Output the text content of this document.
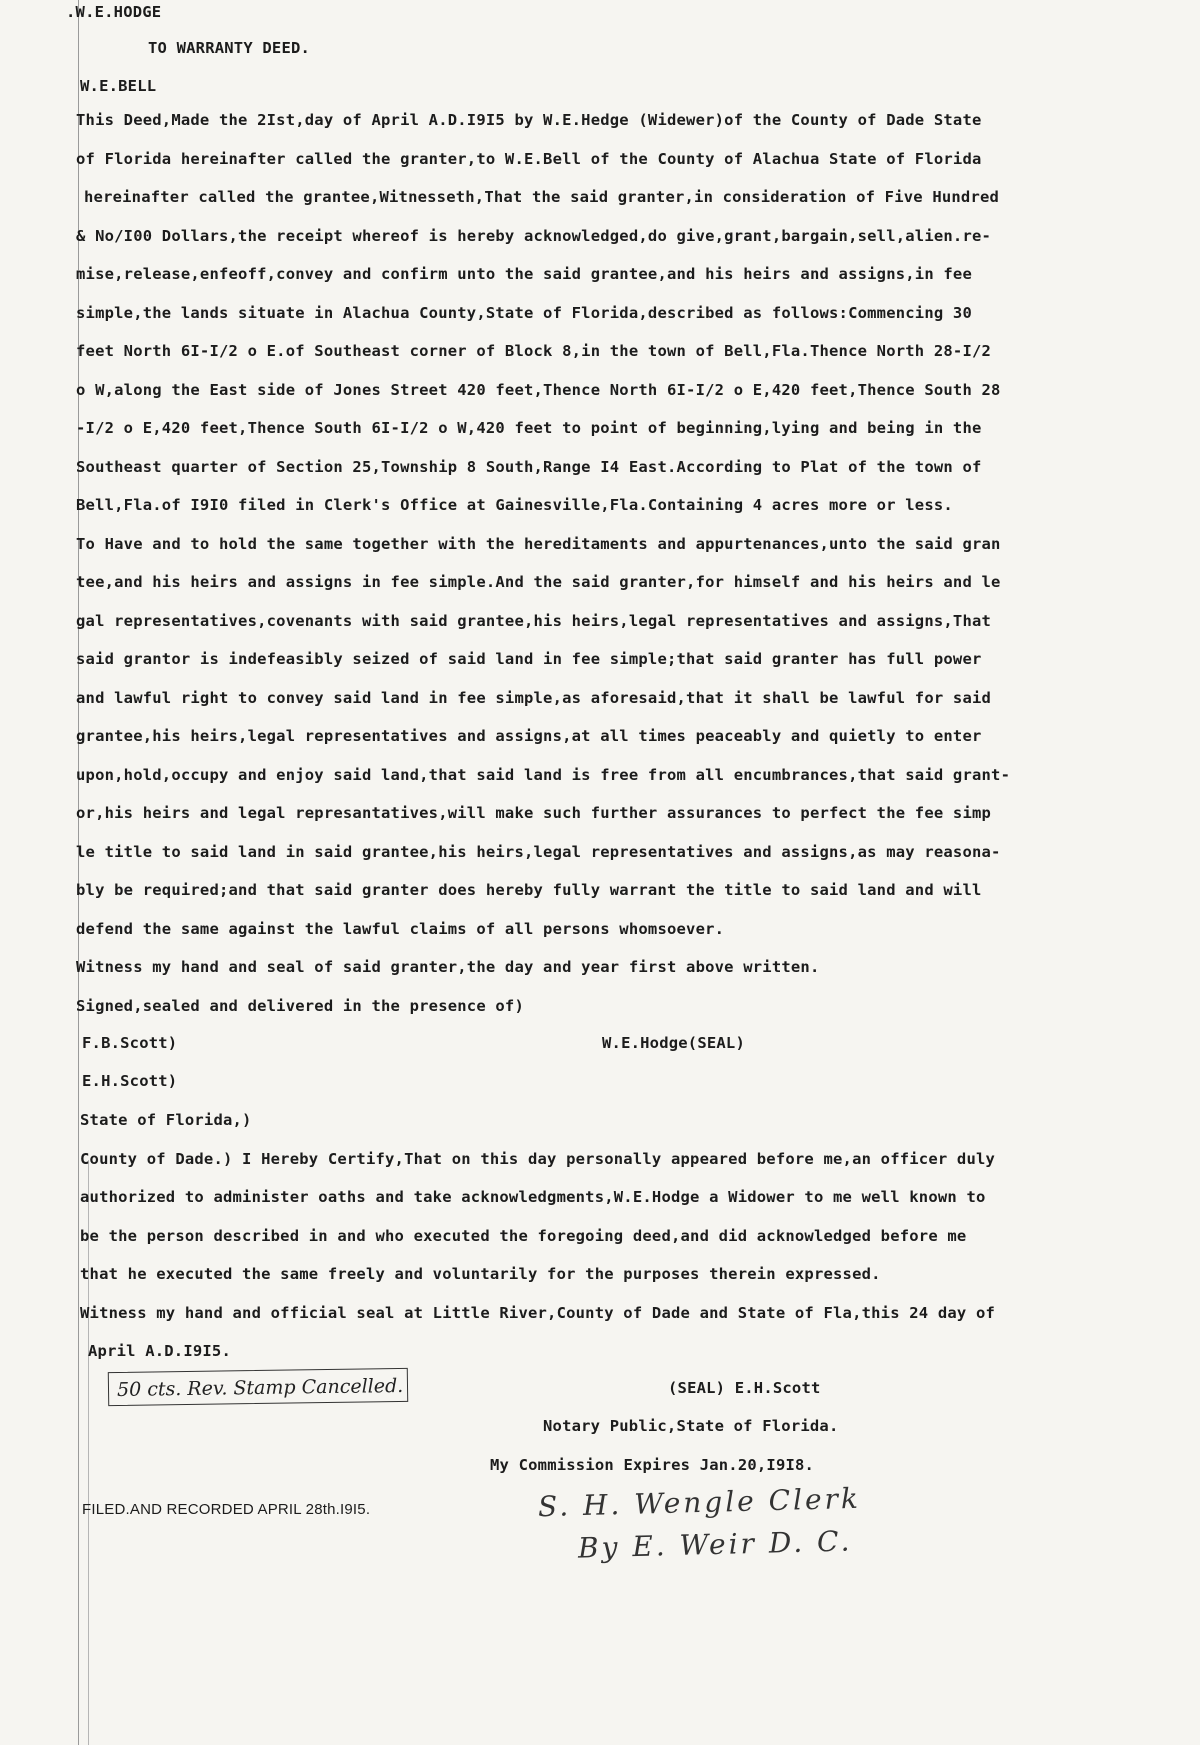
.W.E.HODGE
TO WARRANTY DEED.
W.E.BELL
This Deed,Made the 2Ist,day of April A.D.I9I5 by W.E.Hedge (Widewer)of the County of Dade State
of Florida hereinafter called the granter,to W.E.Bell of the County of Alachua State of Florida
hereinafter called the grantee,Witnesseth,That the said granter,in consideration of Five Hundred
& No/I00 Dollars,the receipt whereof is hereby acknowledged,do give,grant,bargain,sell,alien.re-
mise,release,enfeoff,convey and confirm unto the said grantee,and his heirs and assigns,in fee
simple,the lands situate in Alachua County,State of Florida,described as follows:Commencing 30
feet North 6I-I/2 o E.of Southeast corner of Block 8,in the town of Bell,Fla.Thence North 28-I/2
o W,along the East side of Jones Street 420 feet,Thence North 6I-I/2 o E,420 feet,Thence South 28
-I/2 o E,420 feet,Thence South 6I-I/2 o W,420 feet to point of beginning,lying and being in the
Southeast quarter of Section 25,Township 8 South,Range I4 East.According to Plat of the town of
Bell,Fla.of I9I0 filed in Clerk's Office at Gainesville,Fla.Containing 4 acres more or less.
To Have and to hold the same together with the hereditaments and appurtenances,unto the said gran
tee,and his heirs and assigns in fee simple.And the said granter,for himself and his heirs and le
gal representatives,covenants with said grantee,his heirs,legal representatives and assigns,That
said grantor is indefeasibly seized of said land in fee simple;that said granter has full power
and lawful right to convey said land in fee simple,as aforesaid,that it shall be lawful for said
grantee,his heirs,legal representatives and assigns,at all times peaceably and quietly to enter
upon,hold,occupy and enjoy said land,that said land is free from all encumbrances,that said grant-
or,his heirs and legal represantatives,will make such further assurances to perfect the fee simp
le title to said land in said grantee,his heirs,legal representatives and assigns,as may reasona-
bly be required;and that said granter does hereby fully warrant the title to said land and will
defend the same against the lawful claims of all persons whomsoever.
Witness my hand and seal of said granter,the day and year first above written.
Signed,sealed and delivered in the presence of)
F.B.Scott)	W.E.Hodge(SEAL)
E.H.Scott)
State of Florida,)
County of Dade.) I Hereby Certify,That on this day personally appeared before me,an officer duly
authorized to administer oaths and take acknowledgments,W.E.Hodge a Widower to me well known to
be the person described in and who executed the foregoing deed,and did acknowledged before me
that he executed the same freely and voluntarily for the purposes therein expressed.
Witness my hand and official seal at Little River,County of Dade and State of Fla,this 24 day of
April A.D.I9I5.
50 cts. Rev. Stamp Cancelled.	(SEAL) E.H.Scott
Notary Public,State of Florida.
My Commission Expires Jan.20,I9I8.
FILED.AND RECORDED APRIL 28th.I9I5.	S. H. Wengle Clerk
By E. Weir D. C.
